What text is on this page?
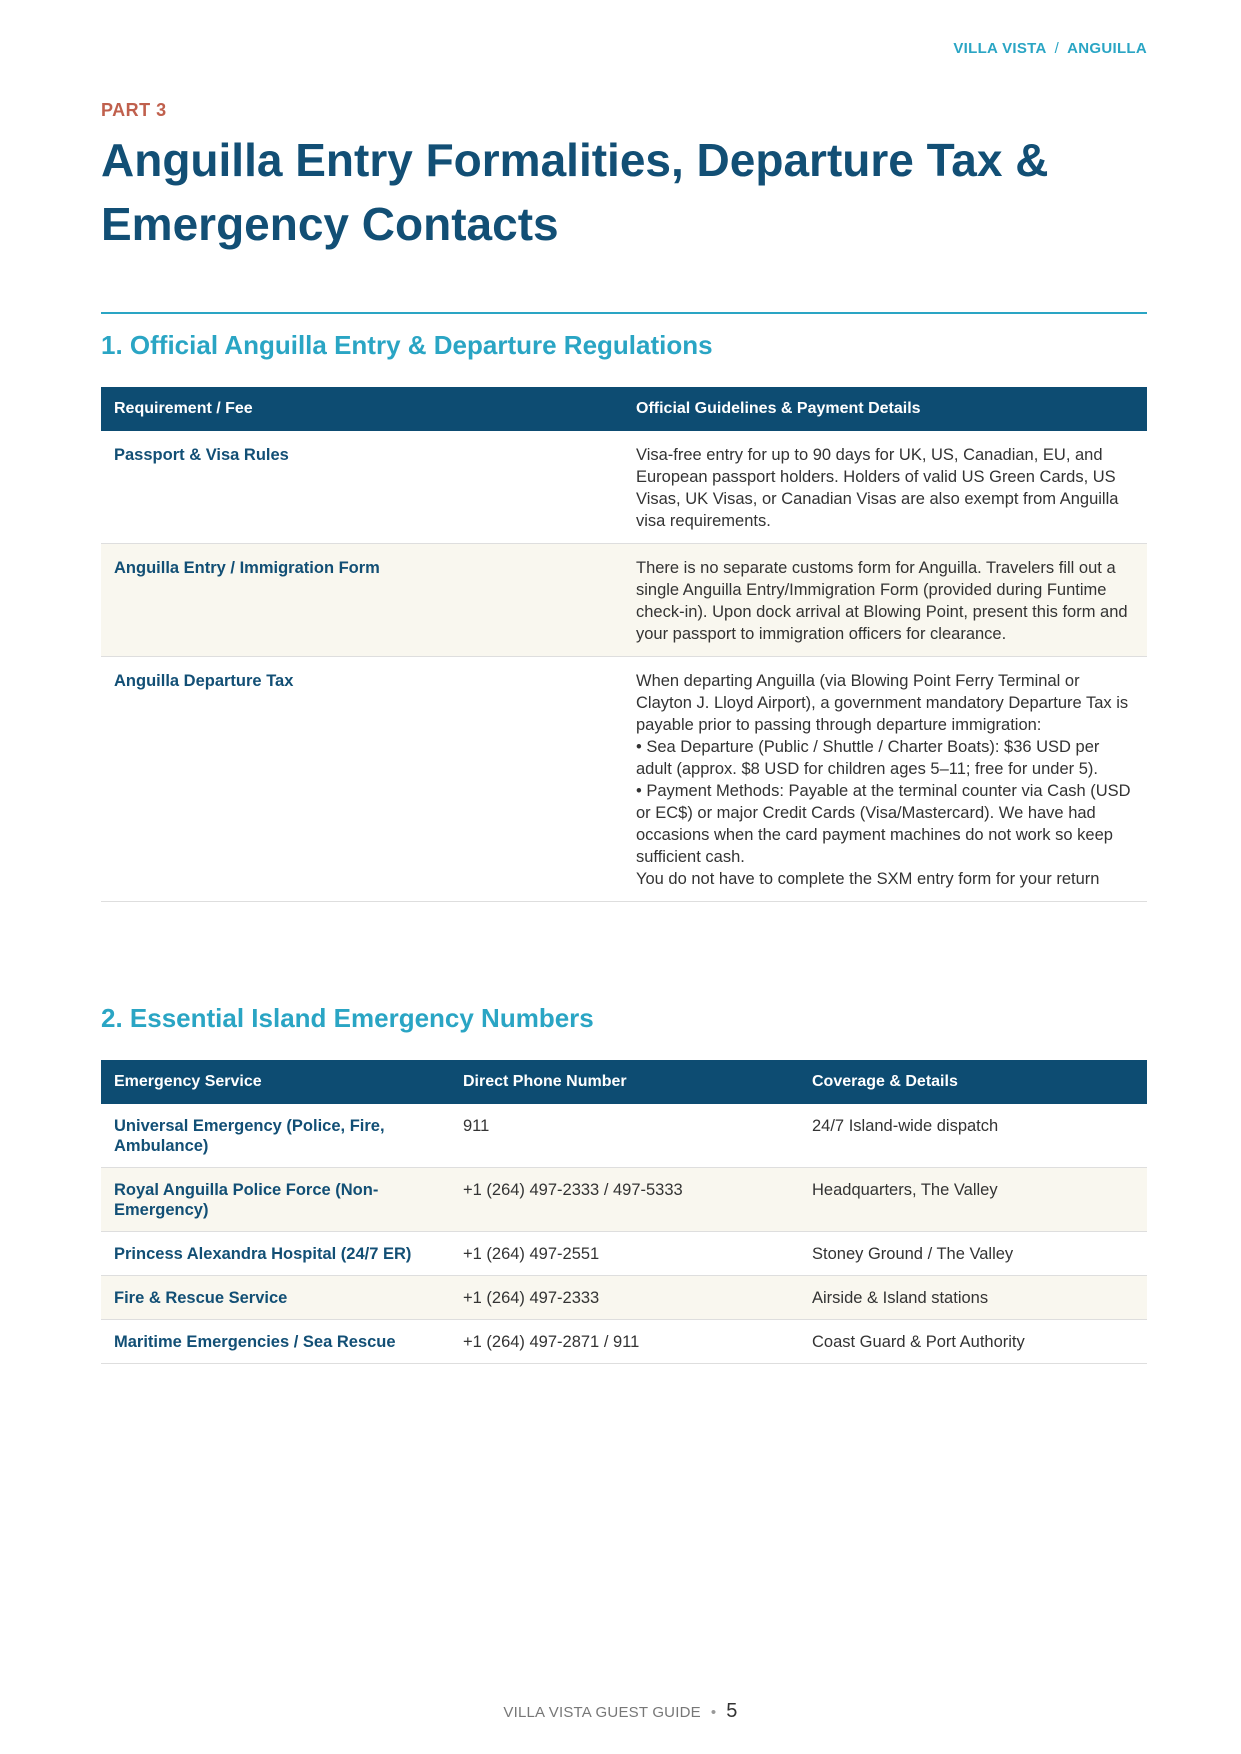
VILLA VISTA / ANGUILLA
PART 3
Anguilla Entry Formalities, Departure Tax & Emergency Contacts
1. Official Anguilla Entry & Departure Regulations
Requirement / Fee	Official Guidelines & Payment Details
Passport & Visa Rules	Visa-free entry for up to 90 days for UK, US, Canadian, EU, and European passport holders. Holders of valid US Green Cards, US Visas, UK Visas, or Canadian Visas are also exempt from Anguilla visa requirements.
Anguilla Entry / Immigration Form	There is no separate customs form for Anguilla. Travelers fill out a single Anguilla Entry/Immigration Form (provided during Funtime check-in). Upon dock arrival at Blowing Point, present this form and your passport to immigration officers for clearance.
Anguilla Departure Tax	When departing Anguilla (via Blowing Point Ferry Terminal or Clayton J. Lloyd Airport), a government mandatory Departure Tax is payable prior to passing through departure immigration:
• Sea Departure (Public / Shuttle / Charter Boats): $36 USD per adult (approx. $8 USD for children ages 5–11; free for under 5).
• Payment Methods: Payable at the terminal counter via Cash (USD or EC$) or major Credit Cards (Visa/Mastercard). We have had occasions when the card payment machines do not work so keep sufficient cash.
You do not have to complete the SXM entry form for your return
2. Essential Island Emergency Numbers
Emergency Service	Direct Phone Number	Coverage & Details
Universal Emergency (Police, Fire, Ambulance)	911	24/7 Island-wide dispatch
Royal Anguilla Police Force (Non-Emergency)	+1 (264) 497-2333 / 497-5333	Headquarters, The Valley
Princess Alexandra Hospital (24/7 ER)	+1 (264) 497-2551	Stoney Ground / The Valley
Fire & Rescue Service	+1 (264) 497-2333	Airside & Island stations
Maritime Emergencies / Sea Rescue	+1 (264) 497-2871 / 911	Coast Guard & Port Authority
VILLA VISTA GUEST GUIDE • 5
